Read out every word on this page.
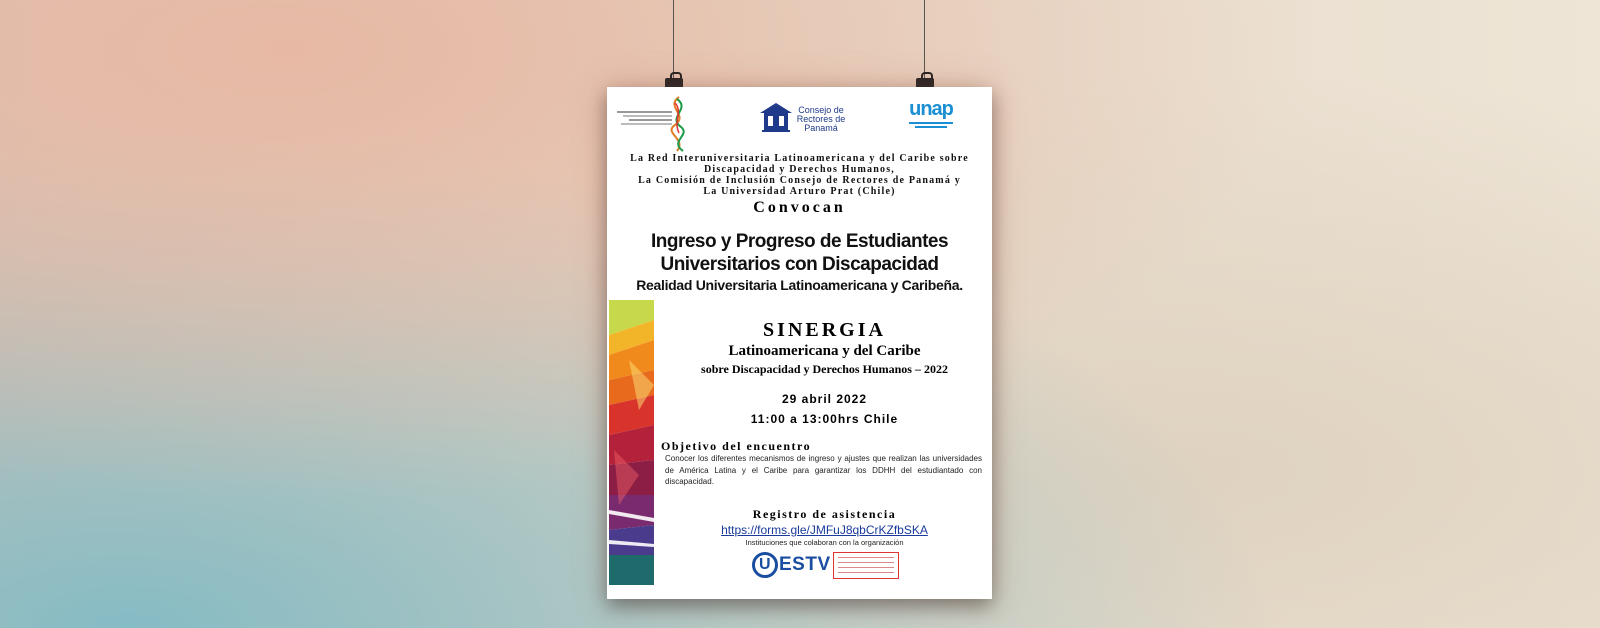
Consejo de Rectores de Panamá
unap
La Red Interuniversitaria Latinoamericana y del Caribe sobre
Discapacidad y Derechos Humanos,
La Comisión de Inclusión Consejo de Rectores de Panamá y
La Universidad Arturo Prat (Chile)
Convocan
Ingreso y Progreso de Estudiantes
Universitarios con Discapacidad
Realidad Universitaria Latinoamericana y Caribeña.
SINERGIA
Latinoamericana y del Caribe
sobre Discapacidad y Derechos Humanos – 2022
29 abril 2022
11:00 a 13:00hrs Chile
Objetivo del encuentro
Conocer los diferentes mecanismos de ingreso y ajustes que realizan las universidades de América Latina y el Caribe para garantizar los DDHH del estudiantado con discapacidad.
Registro de asistencia
https://forms.gle/JMFuJ8qbCrKZfbSKA
Instituciones que colaboran con la organización
U ESTV
